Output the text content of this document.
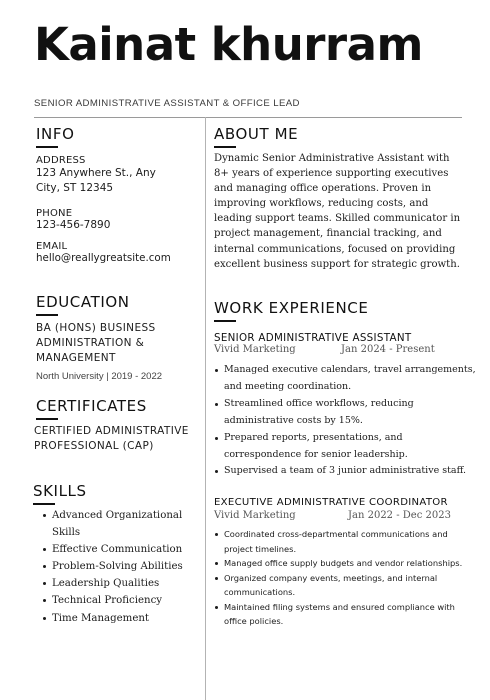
Kainat khurram
SENIOR ADMINISTRATIVE ASSISTANT & OFFICE LEAD
INFO
ADDRESS
123 Anywhere St., Any
City, ST 12345
PHONE
123-456-7890
EMAIL
hello@reallygreatsite.com
EDUCATION
BA (HONS) BUSINESS
ADMINISTRATION &
MANAGEMENT
North University | 2019 - 2022
CERTIFICATES
CERTIFIED ADMINISTRATIVE
PROFESSIONAL (CAP)
SKILLS
Advanced Organizational Skills
Effective Communication
Problem-Solving Abilities
Leadership Qualities
Technical Proficiency
Time Management
ABOUT ME
Dynamic Senior Administrative Assistant with 8+ years of experience supporting executives and managing office operations. Proven in improving workflows, reducing costs, and leading support teams. Skilled communicator in project management, financial tracking, and internal communications, focused on providing excellent business support for strategic growth.
WORK EXPERIENCE
SENIOR ADMINISTRATIVE ASSISTANT
Vivid Marketing	Jan 2024 - Present
Managed executive calendars, travel arrangements, and meeting coordination.
Streamlined office workflows, reducing administrative costs by 15%.
Prepared reports, presentations, and correspondence for senior leadership.
Supervised a team of 3 junior administrative staff.
EXECUTIVE ADMINISTRATIVE COORDINATOR
Vivid Marketing	Jan 2022 - Dec 2023
Coordinated cross-departmental communications and project timelines.
Managed office supply budgets and vendor relationships.
Organized company events, meetings, and internal communications.
Maintained filing systems and ensured compliance with office policies.
